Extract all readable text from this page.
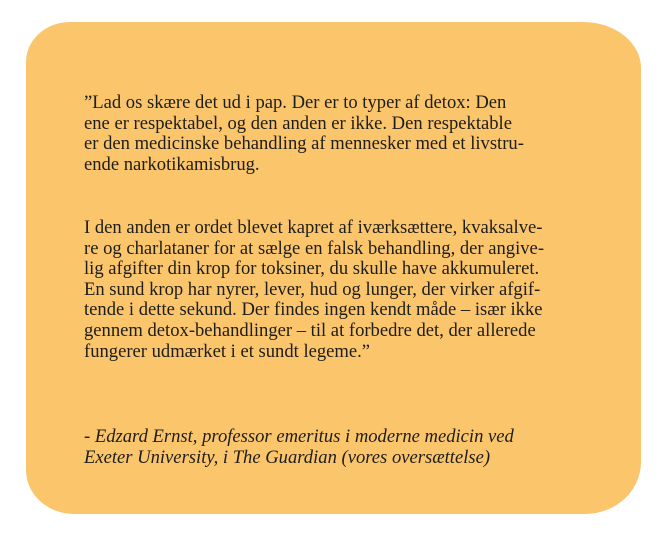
”Lad os skære det ud i pap. Der er to typer af detox: Den
ene er respektabel, og den anden er ikke. Den respektable
er den medicinske behandling af mennesker med et livstru-
ende narkotikamisbrug.

I den anden er ordet blevet kapret af iværksættere, kvaksalve-
re og charlataner for at sælge en falsk behandling, der angive-
lig afgifter din krop for toksiner, du skulle have akkumuleret.
En sund krop har nyrer, lever, hud og lunger, der virker afgif-
tende i dette sekund. Der findes ingen kendt måde – især ikke
gennem detox-behandlinger – til at forbedre det, der allerede
fungerer udmærket i et sundt legeme.”

- Edzard Ernst, professor emeritus i moderne medicin ved
Exeter University, i The Guardian (vores oversættelse)
